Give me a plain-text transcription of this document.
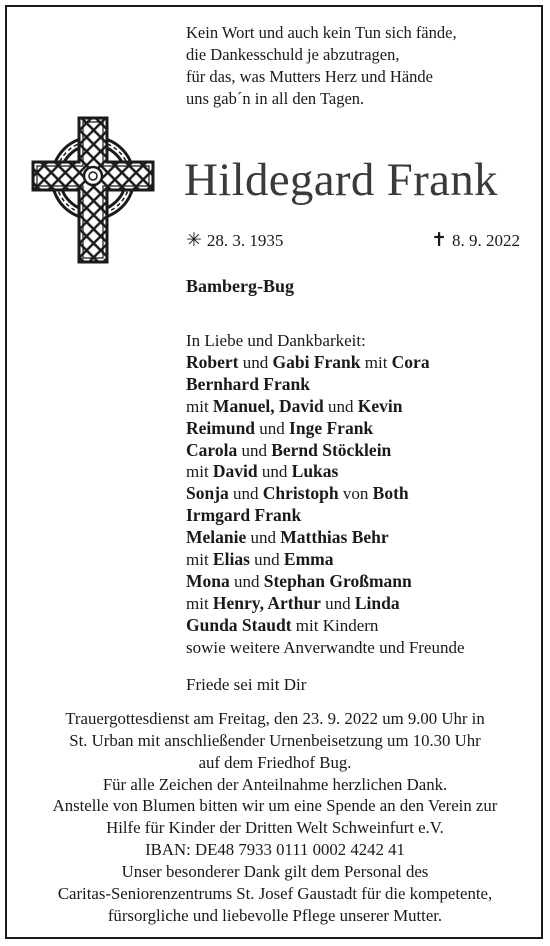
Kein Wort und auch kein Tun sich fände,
die Dankesschuld je abzutragen,
für das, was Mutters Herz und Hände
uns gab´n in all den Tagen.
Hildegard Frank
✳ 28. 3. 1935	✝ 8. 9. 2022
Bamberg-Bug
In Liebe und Dankbarkeit:
Robert und Gabi Frank mit Cora
Bernhard Frank
mit Manuel, David und Kevin
Reimund und Inge Frank
Carola und Bernd Stöcklein
mit David und Lukas
Sonja und Christoph von Both
Irmgard Frank
Melanie und Matthias Behr
mit Elias und Emma
Mona und Stephan Großmann
mit Henry, Arthur und Linda
Gunda Staudt mit Kindern
sowie weitere Anverwandte und Freunde
Friede sei mit Dir
Trauergottesdienst am Freitag, den 23. 9. 2022 um 9.00 Uhr in
St. Urban mit anschließender Urnenbeisetzung um 10.30 Uhr
auf dem Friedhof Bug.
Für alle Zeichen der Anteilnahme herzlichen Dank.
Anstelle von Blumen bitten wir um eine Spende an den Verein zur
Hilfe für Kinder der Dritten Welt Schweinfurt e.V.
IBAN: DE48 7933 0111 0002 4242 41
Unser besonderer Dank gilt dem Personal des
Caritas-Seniorenzentrums St. Josef Gaustadt für die kompetente,
fürsorgliche und liebevolle Pflege unserer Mutter.
